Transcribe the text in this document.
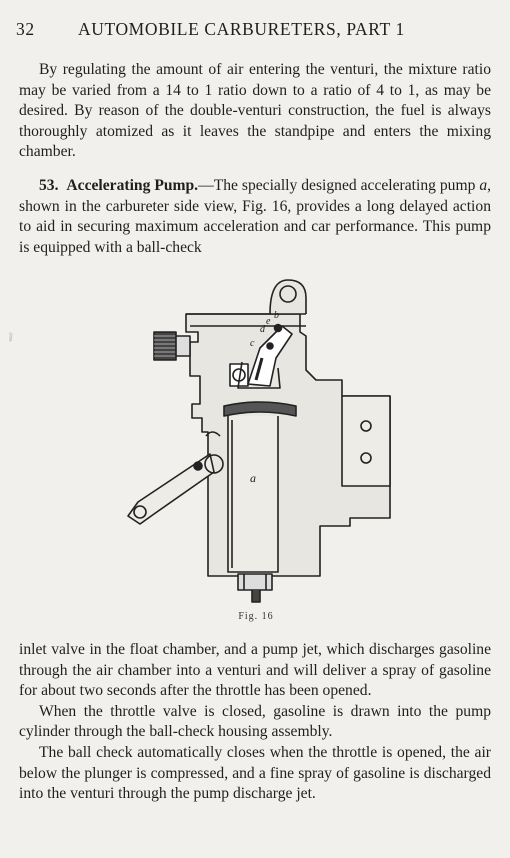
32 AUTOMOBILE CARBURETERS, PART 1

By regulating the amount of air entering the venturi, the mixture ratio may be varied from a 14 to 1 ratio down to a ratio of 4 to 1, as may be desired. By reason of the double-venturi construction, the fuel is always thoroughly atomized as it leaves the standpipe and enters the mixing chamber.

53. Accelerating Pump.—The specially designed accelerating pump a, shown in the carbureter side view, Fig. 16, provides a long delayed action to aid in securing maximum acceleration and car performance. This pump is equipped with a ball-check

a
b
c
d
e
Fig. 16

inlet valve in the float chamber, and a pump jet, which discharges gasoline through the air chamber into a venturi and will deliver a spray of gasoline for about two seconds after the throttle has been opened.

When the throttle valve is closed, gasoline is drawn into the pump cylinder through the ball-check housing assembly.

The ball check automatically closes when the throttle is opened, the air below the plunger is compressed, and a fine spray of gasoline is discharged into the venturi through the pump discharge jet.
